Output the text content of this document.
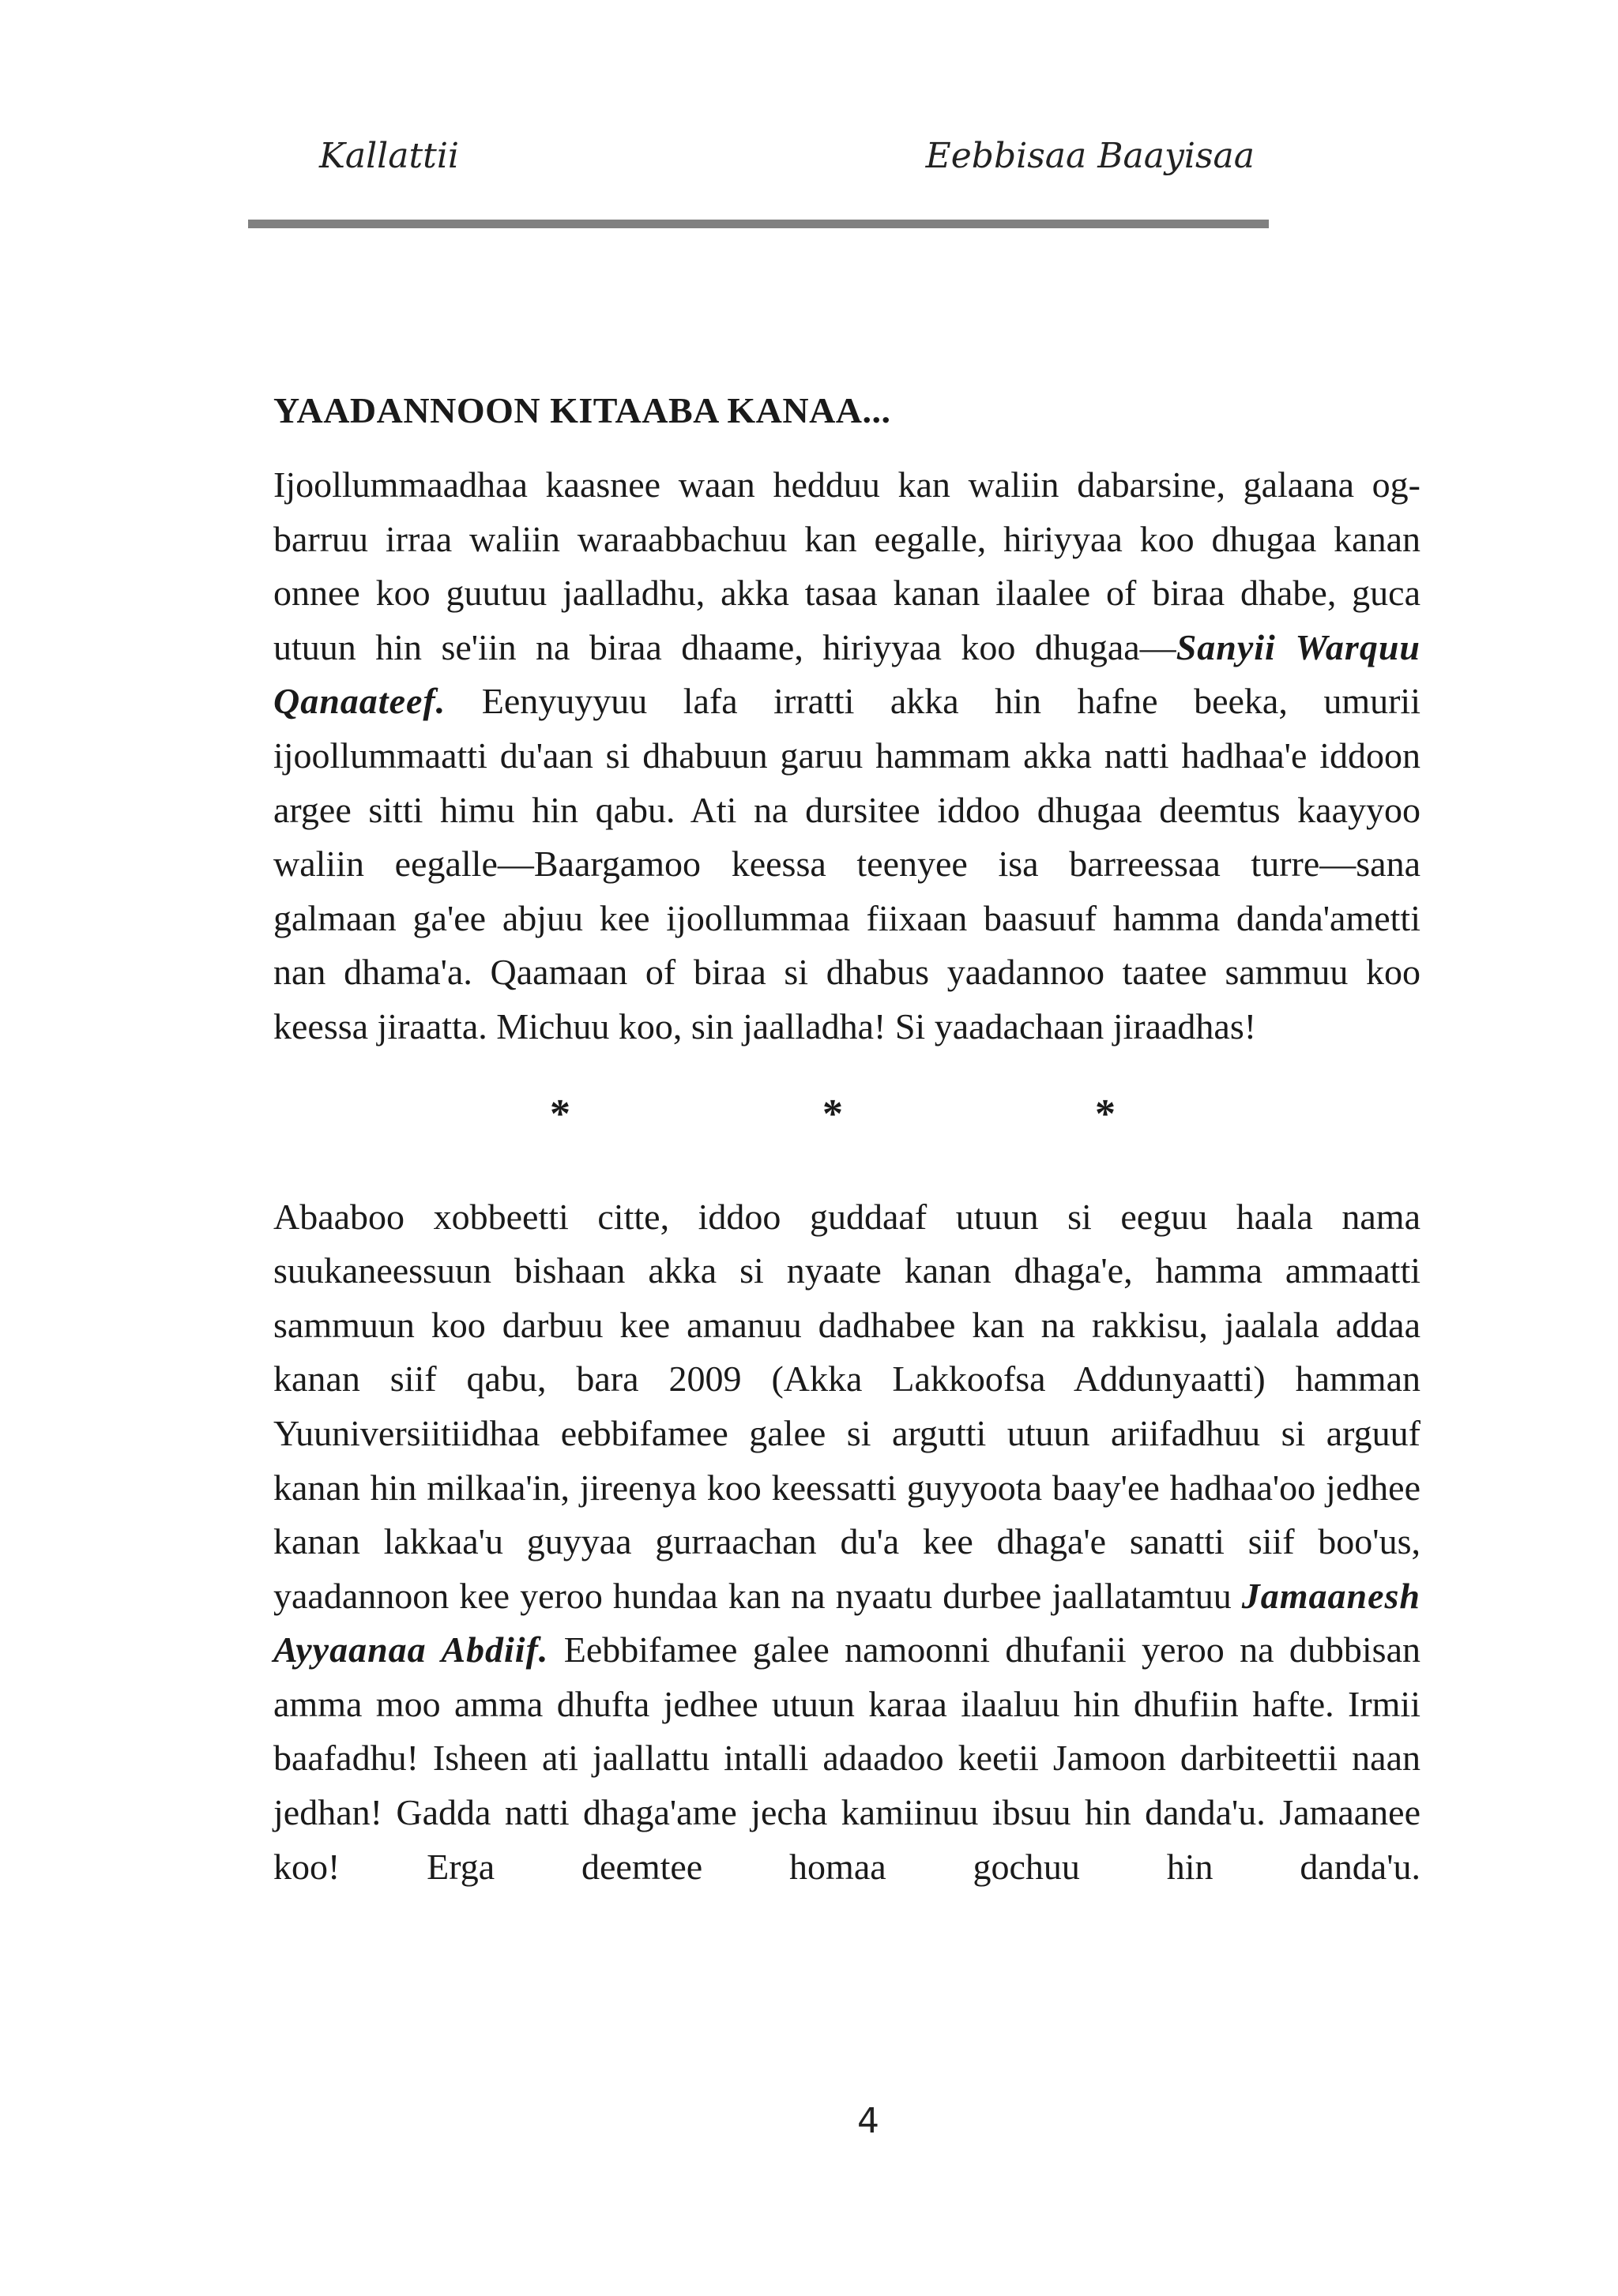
Kallattii	Eebbisaa Baayisaa
YAADANNOON KITAABA KANAA...

Ijoollummaadhaa kaasnee waan hedduu kan waliin dabarsine, galaana og-barruu irraa waliin waraabbachuu kan eegalle, hiriyyaa koo dhugaa kanan onnee koo guutuu jaalladhu, akka tasaa kanan ilaalee of biraa dhabe, guca utuun hin se'iin na biraa dhaame, hiriyyaa koo dhugaa—Sanyii Warquu Qanaateef. Eenyuyyuu lafa irratti akka hin hafne beeka, umurii ijoollummaatti du'aan si dhabuun garuu hammam akka natti hadhaa'e iddoon argee sitti himu hin qabu. Ati na dursitee iddoo dhugaa deemtus kaayyoo waliin eegalle—Baargamoo keessa teenyee isa barreessaa turre—sana galmaan ga'ee abjuu kee ijoollummaa fiixaan baasuuf hamma danda'ametti nan dhama'a. Qaamaan of biraa si dhabus yaadannoo taatee sammuu koo keessa jiraatta. Michuu koo, sin jaalladha! Si yaadachaan jiraadhas!

*	*	*

Abaaboo xobbeetti citte, iddoo guddaaf utuun si eeguu haala nama suukaneessuun bishaan akka si nyaate kanan dhaga'e, hamma ammaatti sammuun koo darbuu kee amanuu dadhabee kan na rakkisu, jaalala addaa kanan siif qabu, bara 2009 (Akka Lakkoofsa Addunyaatti) hamman Yuuniversiitiidhaa eebbifamee galee si argutti utuun ariifadhuu si arguuf kanan hin milkaa'in, jireenya koo keessatti guyyoota baay'ee hadhaa'oo jedhee kanan lakkaa'u guyyaa gurraachan du'a kee dhaga'e sanatti siif boo'us, yaadannoon kee yeroo hundaa kan na nyaatu durbee jaallatamtuu Jamaanesh Ayyaanaa Abdiif. Eebbifamee galee namoonni dhufanii yeroo na dubbisan amma moo amma dhufta jedhee utuun karaa ilaaluu hin dhufiin hafte. Irmii baafadhu! Isheen ati jaallattu intalli adaadoo keetii Jamoon darbiteettii naan jedhan! Gadda natti dhaga'ame jecha kamiinuu ibsuu hin danda'u. Jamaanee koo! Erga deemtee homaa gochuu hin danda'u.

4
